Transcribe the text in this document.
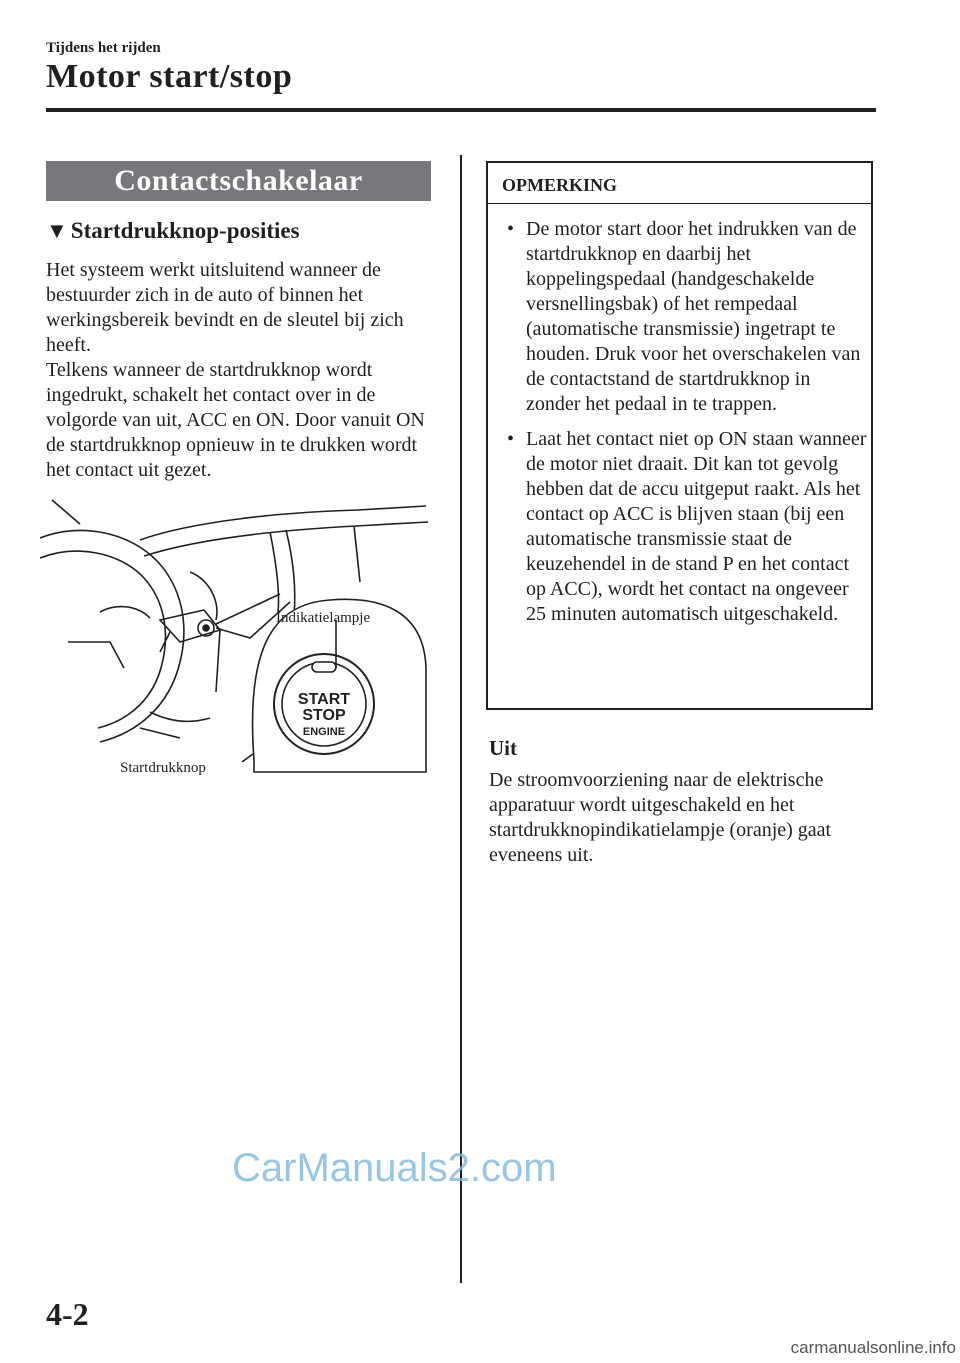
Tijdens het rijden
Motor start/stop
Contactschakelaar
▼ Startdrukknop-posities

Het systeem werkt uitsluitend wanneer de bestuurder zich in de auto of binnen het werkingsbereik bevindt en de sleutel bij zich heeft.

Telkens wanneer de startdrukknop wordt ingedrukt, schakelt het contact over in de volgorde van uit, ACC en ON. Door vanuit ON de startdrukknop opnieuw in te drukken wordt het contact uit gezet.

START
STOP
ENGINE
Indikatielampje
Startdrukknop
OPMERKING
• De motor start door het indrukken van de startdrukknop en daarbij het koppelingspedaal (handgeschakelde versnellingsbak) of het rempedaal (automatische transmissie) ingetrapt te houden. Druk voor het overschakelen van de contactstand de startdrukknop in zonder het pedaal in te trappen.
• Laat het contact niet op ON staan wanneer de motor niet draait. Dit kan tot gevolg hebben dat de accu uitgeput raakt. Als het contact op ACC is blijven staan (bij een automatische transmissie staat de keuzehendel in de stand P en het contact op ACC), wordt het contact na ongeveer 25 minuten automatisch uitgeschakeld.
Uit

De stroomvoorziening naar de elektrische apparatuur wordt uitgeschakeld en het startdrukknopindikatielampje (oranje) gaat eveneens uit.

CarManuals2.com
4-2
carmanualsonline.info
